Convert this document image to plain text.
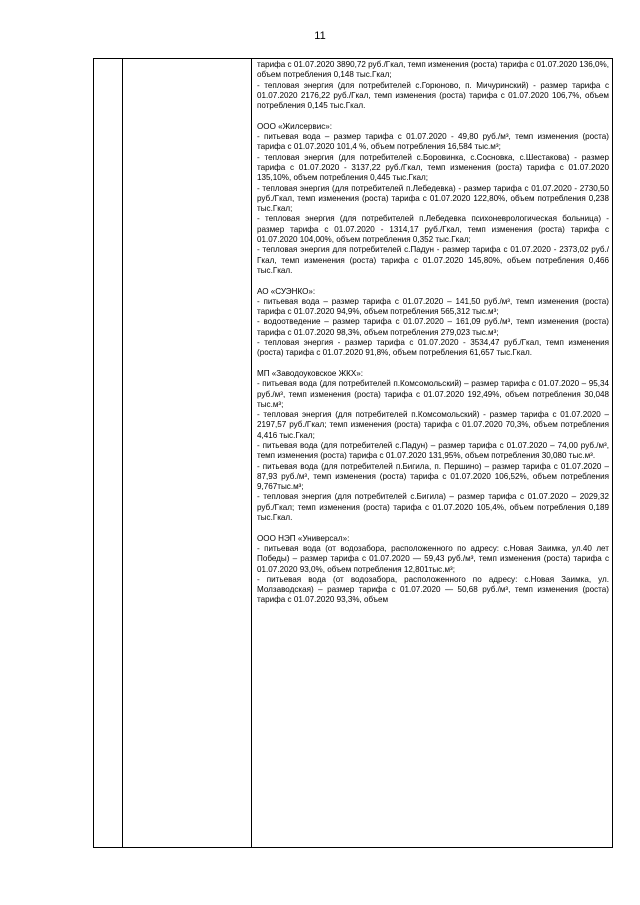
11

тарифа с 01.07.2020 3890,72 руб./Гкал, темп изменения (роста) тарифа с 01.07.2020 136,0%, объем потребления 0,148 тыс.Гкал;

- тепловая энергия (для потребителей с.Горюново, п. Мичуринский) - размер тарифа с 01.07.2020 2176,22 руб./Гкал, темп изменения (роста) тарифа с 01.07.2020 106,7%, объем потребления 0,145 тыс.Гкал.

ООО «Жилсервис»:

- питьевая вода – размер тарифа с 01.07.2020 - 49,80 руб./м³, темп изменения (роста) тарифа с 01.07.2020 101,4 %, объем потребления 16,584 тыс.м³;

- тепловая энергия (для потребителей с.Боровинка, с.Сосновка, с.Шестакова) - размер тарифа с 01.07.2020 - 3137,22 руб./Гкал, темп изменения (роста) тарифа с 01.07.2020 135,10%, объем потребления 0,445 тыс.Гкал;

- тепловая энергия (для потребителей п.Лебедевка) - размер тарифа с 01.07.2020 - 2730,50 руб./Гкал, темп изменения (роста) тарифа с 01.07.2020 122,80%, объем потребления 0,238 тыс.Гкал;

- тепловая энергия (для потребителей п.Лебедевка психоневрологическая больница) - размер тарифа с 01.07.2020 - 1314,17 руб./Гкал, темп изменения (роста) тарифа с 01.07.2020 104,00%, объем потребления 0,352 тыс.Гкал;

- тепловая энергия для потребителей с.Падун - размер тарифа с 01.07.2020 - 2373,02 руб./Гкал, темп изменения (роста) тарифа с 01.07.2020 145,80%, объем потребления 0,466 тыс.Гкал.

АО «СУЭНКО»:

- питьевая вода – размер тарифа с 01.07.2020 – 141,50 руб./м³, темп изменения (роста) тарифа с 01.07.2020 94,9%, объем потребления 565,312 тыс.м³;

- водоотведение – размер тарифа с 01.07.2020 – 161,09 руб./м³, темп изменения (роста) тарифа с 01.07.2020 98,3%, объем потребления 279,023 тыс.м³;

- тепловая энергия - размер тарифа с 01.07.2020 - 3534,47 руб./Гкал, темп изменения (роста) тарифа с 01.07.2020 91,8%, объем потребления 61,657 тыс.Гкал.

МП «Заводоуковское ЖКХ»:

- питьевая вода (для потребителей п.Комсомольский) – размер тарифа с 01.07.2020 – 95,34 руб./м³, темп изменения (роста) тарифа с 01.07.2020 192,49%, объем потребления 30,048 тыс.м³;

- тепловая энергия (для потребителей п.Комсомольский) - размер тарифа с 01.07.2020 – 2197,57 руб./Гкал; темп изменения (роста) тарифа с 01.07.2020 70,3%, объем потребления 4,416 тыс.Гкал;

- питьевая вода (для потребителей с.Падун) – размер тарифа с 01.07.2020 – 74,00 руб./м³, темп изменения (роста) тарифа с 01.07.2020 131,95%, объем потребления 30,080 тыс.м³.

- питьевая вода (для потребителей п.Бигила, п. Першино) – размер тарифа с 01.07.2020 – 87,93 руб./м³, темп изменения (роста) тарифа с 01.07.2020 106,52%, объем потребления 9,767тыс.м³;

- тепловая энергия (для потребителей с.Бигила) – размер тарифа с 01.07.2020 – 2029,32 руб./Гкал; темп изменения (роста) тарифа с 01.07.2020 105,4%, объем потребления 0,189 тыс.Гкал.

ООО НЭП «Универсал»:

- питьевая вода (от водозабора, расположенного по адресу: с.Новая Заимка, ул.40 лет Победы) – размер тарифа с 01.07.2020 — 59,43 руб./м³, темп изменения (роста) тарифа с 01.07.2020 93,0%, объем потребления 12,801тыс.м³;

- питьевая вода (от водозабора, расположенного по адресу: с.Новая Заимка, ул. Молзаводская) – размер тарифа с 01.07.2020 — 50,68 руб./м³, темп изменения (роста) тарифа с 01.07.2020 93,3%, объем
